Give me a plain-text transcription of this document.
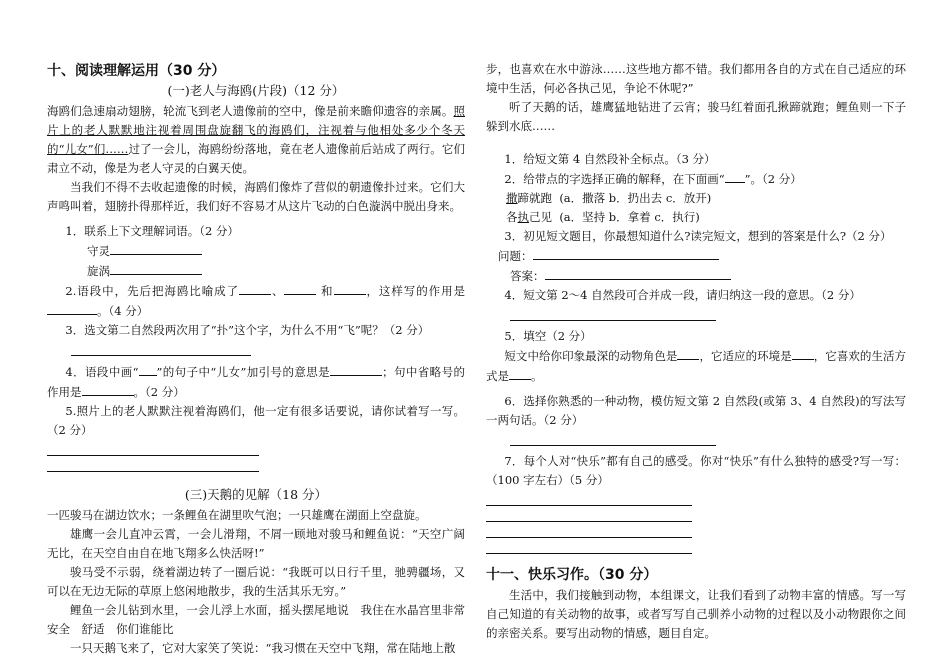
十、阅读理解运用（30 分）
(一)老人与海鸥(片段)（12 分）
海鸥们急速扇动翅膀，轮流飞到老人遗像前的空中，像是前来瞻仰遗容的亲属。照片上的老人默默地注视着周围盘旋翻飞的海鸥们，注视着与他相处多少个冬天的“儿女”们……过了一会儿，海鸥纷纷落地，竟在老人遗像前后站成了两行。它们肃立不动，像是为老人守灵的白翼天使。
当我们不得不去收起遗像的时候，海鸥们像炸了营似的朝遗像扑过来。它们大声鸣叫着，翅膀扑得那样近，我们好不容易才从这片飞动的白色漩涡中脱出身来。
1．联系上下文理解词语。（2 分）
守灵
旋涡
2.语段中，先后把海鸥比喻成了	、	和	，这样写的作用是。（4 分）
3．选文第二自然段两次用了“扑”这个字，为什么不用“飞”呢？（2 分）
4．语段中画“ ”的句子中“儿女”加引号的意思是	；句中省略号的作用是	。（2 分）
5.照片上的老人默默注视着海鸥们，他一定有很多话要说，请你试着写一写。（2 分）
(三)天鹅的见解（18 分）
一匹骏马在湖边饮水；一条鲤鱼在湖里吹气泡；一只雄鹰在湖面上空盘旋。
雄鹰一会儿直冲云霄，一会儿滑翔，不屑一顾地对骏马和鲤鱼说：“天空广阔无比，在天空自由自在地飞翔多么快活呀!”
骏马受不示弱，绕着湖边转了一圈后说：“我既可以日行千里，驰骋疆场，又可以在无边无际的草原上悠闲地散步，我的生活其乐无穷。”
鲤鱼一会儿钻到水里，一会儿浮上水面，摇头摆尾地说　我住在水晶宫里非常安全　舒适　你们谁能比
一只天鹅飞来了，它对大家笑了笑说：“我习惯在天空中飞翔，常在陆地上散
步，也喜欢在水中游泳……这些地方都不错。我们都用各自的方式在自己适应的环境中生活，何必各执己见，争论不休呢?”
听了天鹅的话，雄鹰猛地钻进了云宵；骏马红着面孔揪蹄就跑；鲤鱼则一下子躲到水底……
1．给短文第 4 自然段补全标点。（3 分）
2．给带点的字选择正确的解释，在下面画“ ”。（2 分）
撒蹄就跑 (a．撒落 b．扔出去 c．放开)
各执己见 (a．坚持 b．拿着 c．执行)
3．初见短文题目，你最想知道什么?读完短文，想到的答案是什么?（2 分）
问题：
答案：
4．短文第 2～4 自然段可合并成一段，请归纳这一段的意思。（2 分）
5．填空（2 分）
短文中给你印象最深的动物角色是 ，它适应的环境是 ，它喜欢的生活方式是 。
6．选择你熟悉的一种动物，模仿短文第 2 自然段(或第 3、4 自然段)的写法写一两句话。（2 分）
7．每个人对“快乐”都有自己的感受。你对“快乐”有什么独特的感受?写一写：（100 字左右）（5 分）
十一、快乐习作。（30 分）
生活中，我们接触到动物，本组课文，让我们看到了动物丰富的情感。写一写自己知道的有关动物的故事，或者写写自己驯养小动物的过程以及小动物跟你之间的亲密关系。要写出动物的情感，题目自定。
